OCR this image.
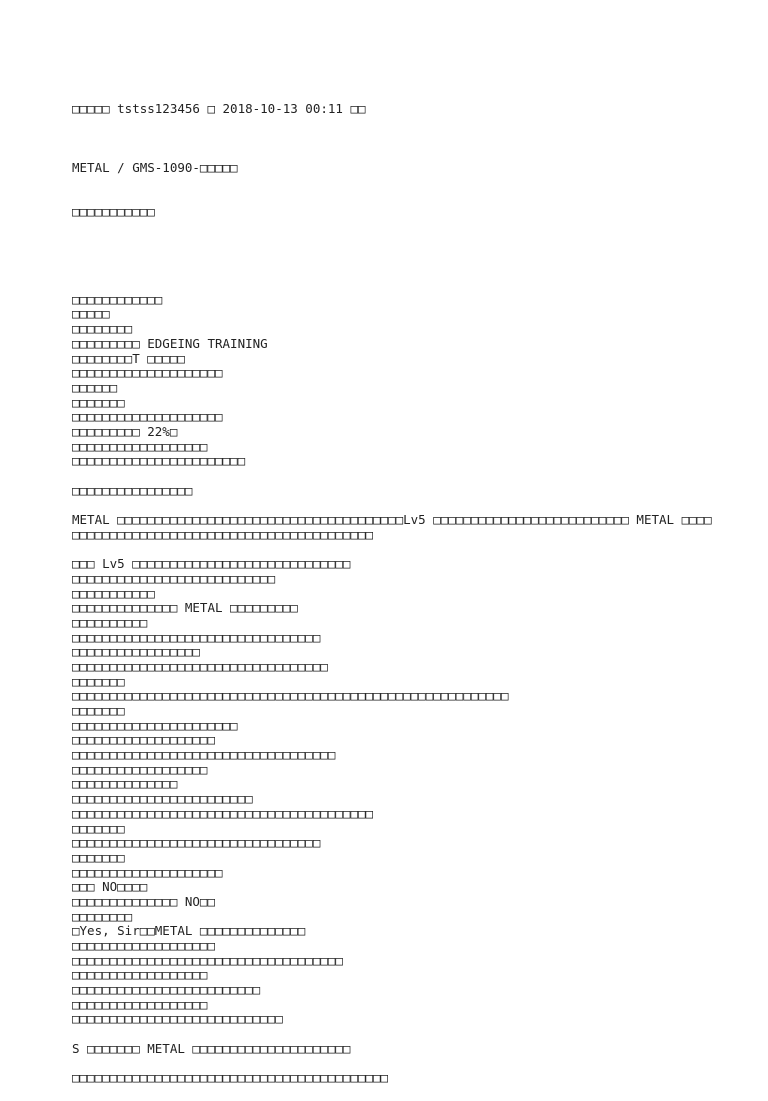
□□□□□ tstss123456 □ 2018-10-13 00:11 □□

METAL / GMS-1090-□□□□□

□□□□□□□□□□□

□□□□□□□□□□□□
□□□□□
□□□□□□□□
□□□□□□□□□ EDGEING TRAINING
□□□□□□□□T □□□□□
□□□□□□□□□□□□□□□□□□□□
□□□□□□
□□□□□□□
□□□□□□□□□□□□□□□□□□□□
□□□□□□□□□ 22%□
□□□□□□□□□□□□□□□□□□
□□□□□□□□□□□□□□□□□□□□□□□
□□□□□□□□□□□□□□□□
METAL □□□□□□□□□□□□□□□□□□□□□□□□□□□□□□□□□□□□□□Lv5 □□□□□□□□□□□□□□□□□□□□□□□□□□ METAL □□□□
□□□□□□□□□□□□□□□□□□□□□□□□□□□□□□□□□□□□□□□□
□□□ Lv5 □□□□□□□□□□□□□□□□□□□□□□□□□□□□□
□□□□□□□□□□□□□□□□□□□□□□□□□□□
□□□□□□□□□□□
□□□□□□□□□□□□□□ METAL □□□□□□□□□
□□□□□□□□□□
□□□□□□□□□□□□□□□□□□□□□□□□□□□□□□□□□
□□□□□□□□□□□□□□□□□
□□□□□□□□□□□□□□□□□□□□□□□□□□□□□□□□□□
□□□□□□□
□□□□□□□□□□□□□□□□□□□□□□□□□□□□□□□□□□□□□□□□□□□□□□□□□□□□□□□□□□
□□□□□□□
□□□□□□□□□□□□□□□□□□□□□□
□□□□□□□□□□□□□□□□□□□
□□□□□□□□□□□□□□□□□□□□□□□□□□□□□□□□□□□
□□□□□□□□□□□□□□□□□□
□□□□□□□□□□□□□□
□□□□□□□□□□□□□□□□□□□□□□□□
□□□□□□□□□□□□□□□□□□□□□□□□□□□□□□□□□□□□□□□□
□□□□□□□
□□□□□□□□□□□□□□□□□□□□□□□□□□□□□□□□□
□□□□□□□
□□□□□□□□□□□□□□□□□□□□
□□□ NO□□□□
□□□□□□□□□□□□□□ NO□□
□□□□□□□□
□Yes, Sir□□METAL □□□□□□□□□□□□□□
□□□□□□□□□□□□□□□□□□□
□□□□□□□□□□□□□□□□□□□□□□□□□□□□□□□□□□□□
□□□□□□□□□□□□□□□□□□
□□□□□□□□□□□□□□□□□□□□□□□□□
□□□□□□□□□□□□□□□□□□
□□□□□□□□□□□□□□□□□□□□□□□□□□□□
S □□□□□□□ METAL □□□□□□□□□□□□□□□□□□□□□
□□□□□□□□□□□□□□□□□□□□□□□□□□□□□□□□□□□□□□□□□□
